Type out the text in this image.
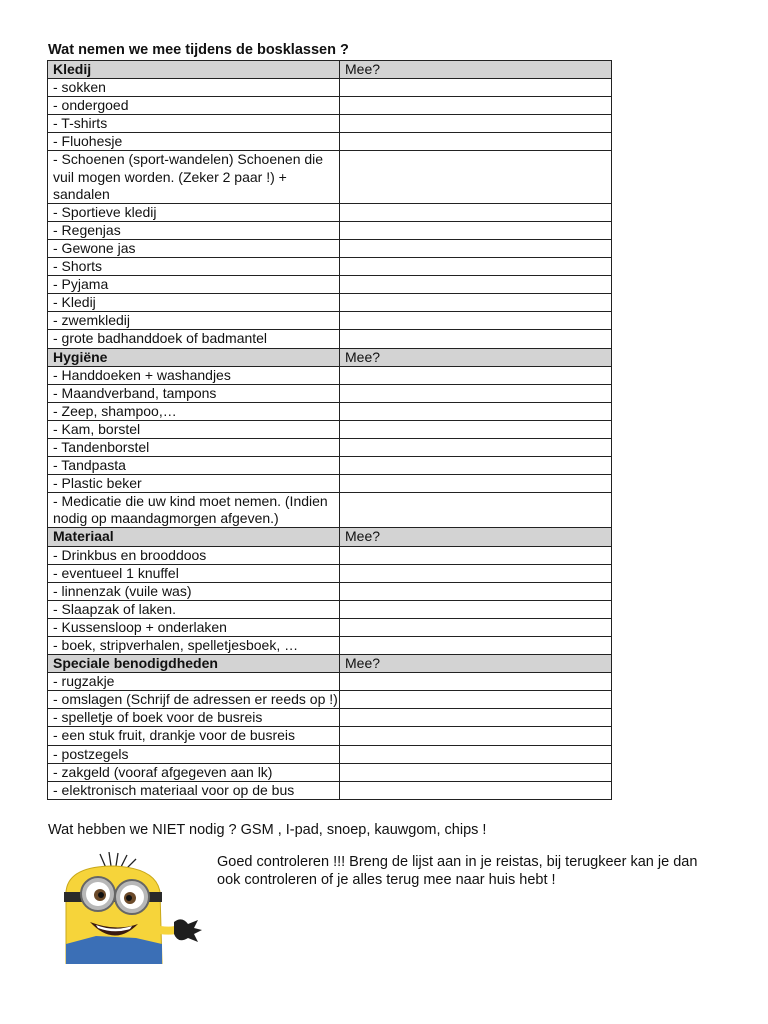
Wat nemen we mee tijdens de bosklassen ?
Kledij	Mee?
- sokken	
- ondergoed	
- T-shirts	
- Fluohesje	
- Schoenen (sport-wandelen) Schoenen die vuil mogen worden. (Zeker 2 paar !) + sandalen	
- Sportieve kledij	
- Regenjas	
- Gewone jas	
- Shorts	
- Pyjama	
- Kledij	
- zwemkledij	
- grote badhanddoek of badmantel	
Hygiëne	Mee?
- Handdoeken + washandjes	
- Maandverband, tampons	
- Zeep, shampoo,…	
- Kam, borstel	
- Tandenborstel	
- Tandpasta	
- Plastic beker	
- Medicatie die uw kind moet nemen. (Indien nodig op maandagmorgen afgeven.)	
Materiaal	Mee?
- Drinkbus en brooddoos	
- eventueel 1 knuffel	
- linnenzak (vuile was)	
- Slaapzak of laken.	
- Kussensloop + onderlaken	
- boek, stripverhalen, spelletjesboek, …	
Speciale benodigdheden	Mee?
- rugzakje	
- omslagen (Schrijf de adressen er reeds op !)	
- spelletje of boek voor de busreis	
- een stuk fruit, drankje voor de busreis	
- postzegels	
- zakgeld (vooraf afgegeven aan lk)	
- elektronisch materiaal voor op de bus	
Wat hebben we NIET nodig ? GSM , I-pad, snoep, kauwgom, chips !
Goed controleren !!! Breng de lijst aan in je reistas, bij terugkeer kan je dan ook controleren of je alles terug mee naar huis hebt !
